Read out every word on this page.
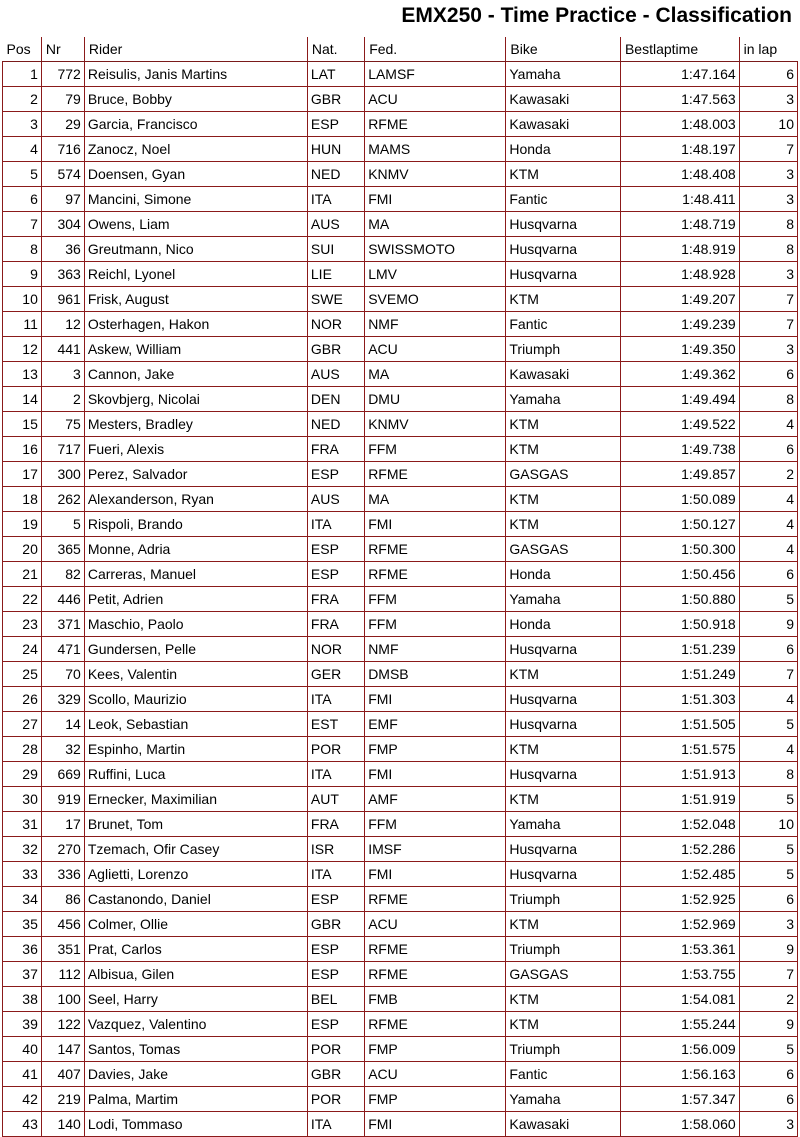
EMX250 - Time Practice - Classification
Pos	Nr	Rider	Nat.	Fed.	Bike	Bestlaptime	in lap
1	772	Reisulis, Janis Martins	LAT	LAMSF	Yamaha	1:47.164	6
2	79	Bruce, Bobby	GBR	ACU	Kawasaki	1:47.563	3
3	29	Garcia, Francisco	ESP	RFME	Kawasaki	1:48.003	10
4	716	Zanocz, Noel	HUN	MAMS	Honda	1:48.197	7
5	574	Doensen, Gyan	NED	KNMV	KTM	1:48.408	3
6	97	Mancini, Simone	ITA	FMI	Fantic	1:48.411	3
7	304	Owens, Liam	AUS	MA	Husqvarna	1:48.719	8
8	36	Greutmann, Nico	SUI	SWISSMOTO	Husqvarna	1:48.919	8
9	363	Reichl, Lyonel	LIE	LMV	Husqvarna	1:48.928	3
10	961	Frisk, August	SWE	SVEMO	KTM	1:49.207	7
11	12	Osterhagen, Hakon	NOR	NMF	Fantic	1:49.239	7
12	441	Askew, William	GBR	ACU	Triumph	1:49.350	3
13	3	Cannon, Jake	AUS	MA	Kawasaki	1:49.362	6
14	2	Skovbjerg, Nicolai	DEN	DMU	Yamaha	1:49.494	8
15	75	Mesters, Bradley	NED	KNMV	KTM	1:49.522	4
16	717	Fueri, Alexis	FRA	FFM	KTM	1:49.738	6
17	300	Perez, Salvador	ESP	RFME	GASGAS	1:49.857	2
18	262	Alexanderson, Ryan	AUS	MA	KTM	1:50.089	4
19	5	Rispoli, Brando	ITA	FMI	KTM	1:50.127	4
20	365	Monne, Adria	ESP	RFME	GASGAS	1:50.300	4
21	82	Carreras, Manuel	ESP	RFME	Honda	1:50.456	6
22	446	Petit, Adrien	FRA	FFM	Yamaha	1:50.880	5
23	371	Maschio, Paolo	FRA	FFM	Honda	1:50.918	9
24	471	Gundersen, Pelle	NOR	NMF	Husqvarna	1:51.239	6
25	70	Kees, Valentin	GER	DMSB	KTM	1:51.249	7
26	329	Scollo, Maurizio	ITA	FMI	Husqvarna	1:51.303	4
27	14	Leok, Sebastian	EST	EMF	Husqvarna	1:51.505	5
28	32	Espinho, Martin	POR	FMP	KTM	1:51.575	4
29	669	Ruffini, Luca	ITA	FMI	Husqvarna	1:51.913	8
30	919	Ernecker, Maximilian	AUT	AMF	KTM	1:51.919	5
31	17	Brunet, Tom	FRA	FFM	Yamaha	1:52.048	10
32	270	Tzemach, Ofir Casey	ISR	IMSF	Husqvarna	1:52.286	5
33	336	Aglietti, Lorenzo	ITA	FMI	Husqvarna	1:52.485	5
34	86	Castanondo, Daniel	ESP	RFME	Triumph	1:52.925	6
35	456	Colmer, Ollie	GBR	ACU	KTM	1:52.969	3
36	351	Prat, Carlos	ESP	RFME	Triumph	1:53.361	9
37	112	Albisua, Gilen	ESP	RFME	GASGAS	1:53.755	7
38	100	Seel, Harry	BEL	FMB	KTM	1:54.081	2
39	122	Vazquez, Valentino	ESP	RFME	KTM	1:55.244	9
40	147	Santos, Tomas	POR	FMP	Triumph	1:56.009	5
41	407	Davies, Jake	GBR	ACU	Fantic	1:56.163	6
42	219	Palma, Martim	POR	FMP	Yamaha	1:57.347	6
43	140	Lodi, Tommaso	ITA	FMI	Kawasaki	1:58.060	3
